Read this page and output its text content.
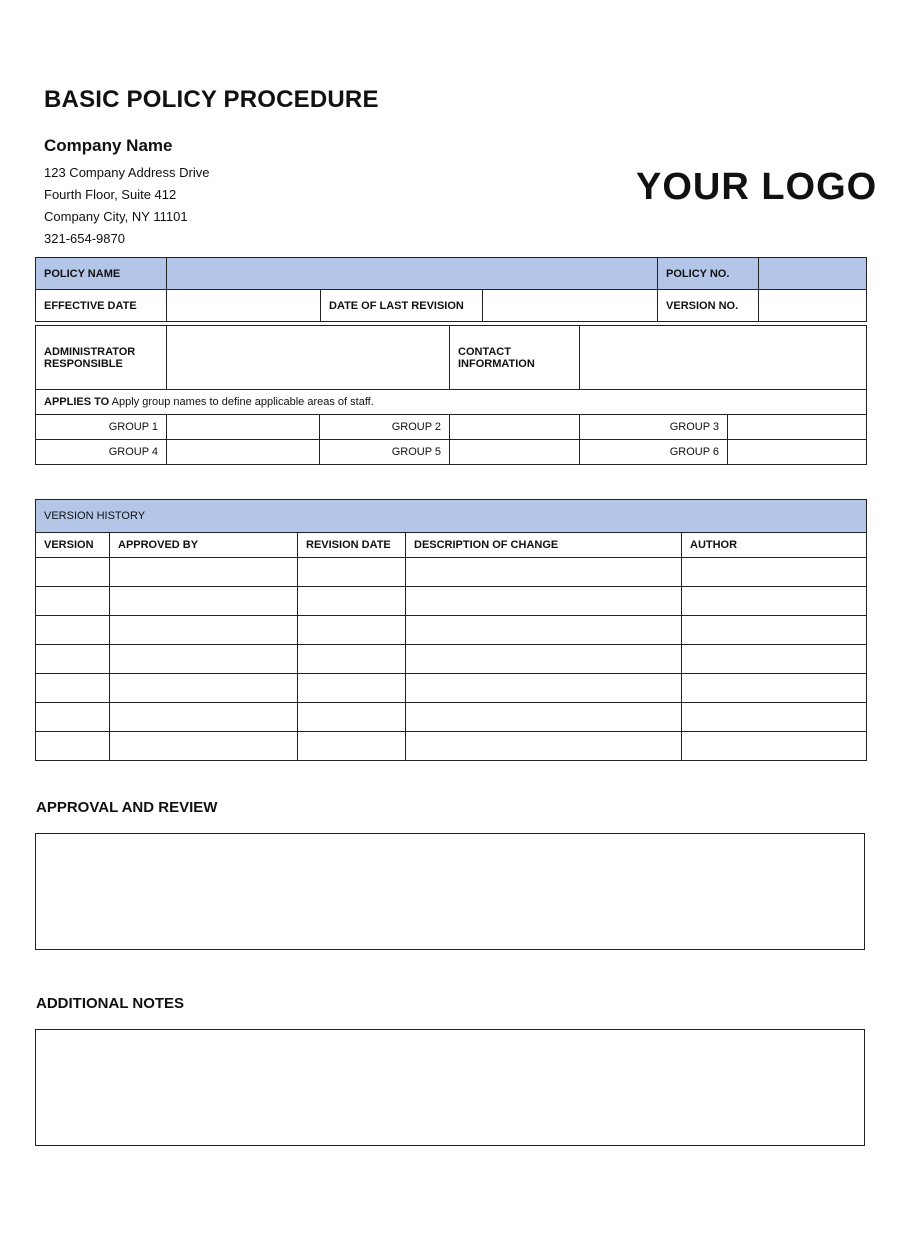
BASIC POLICY PROCEDURE
Company Name
123 Company Address Drive
Fourth Floor, Suite 412
Company City, NY 11101
321-654-9870
YOUR LOGO
POLICY NAME				POLICY NO.	
EFFECTIVE DATE		DATE OF LAST REVISION		VERSION NO.	
ADMINISTRATOR RESPONSIBLE			CONTACT INFORMATION		
APPLIES TO Apply group names to define applicable areas of staff.					
GROUP 1		GROUP 2		GROUP 3	
GROUP 4		GROUP 5		GROUP 6	
VERSION HISTORY				
VERSION	APPROVED BY	REVISION DATE	DESCRIPTION OF CHANGE	AUTHOR

APPROVAL AND REVIEW
ADDITIONAL NOTES
